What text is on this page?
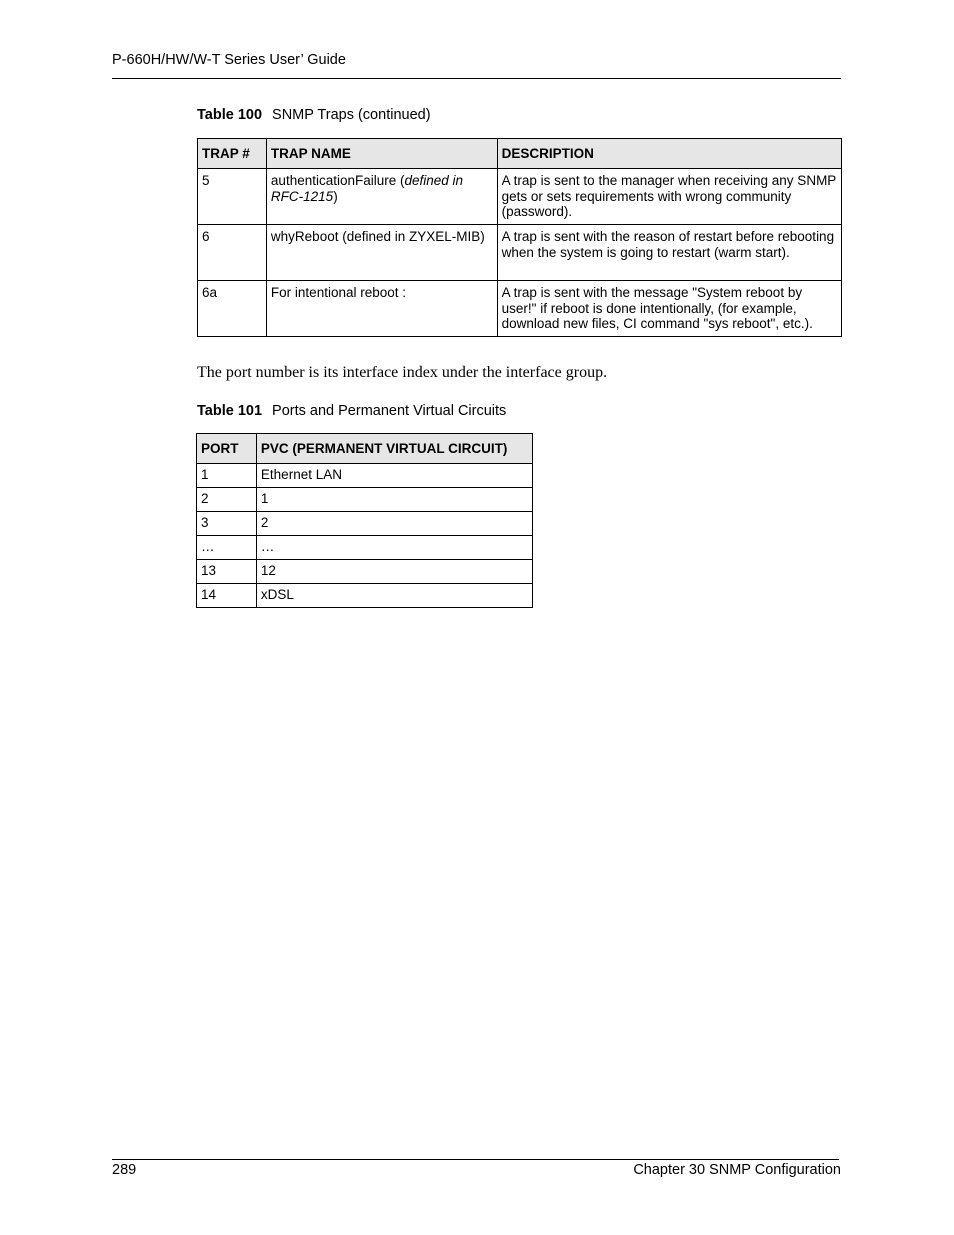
P-660H/HW/W-T Series User’ Guide
Table 100 SNMP Traps (continued)
TRAP #	TRAP NAME	DESCRIPTION
5	authenticationFailure (defined in RFC-1215)	A trap is sent to the manager when receiving any SNMP gets or sets requirements with wrong community (password).
6	whyReboot (defined in ZYXEL-MIB)	A trap is sent with the reason of restart before rebooting when the system is going to restart (warm start).
6a	For intentional reboot :	A trap is sent with the message "System reboot by user!" if reboot is done intentionally, (for example, download new files, CI command "sys reboot", etc.).
The port number is its interface index under the interface group.
Table 101 Ports and Permanent Virtual Circuits
PORT	PVC (PERMANENT VIRTUAL CIRCUIT)
1	Ethernet LAN
2	1
3	2
…	…
13	12
14	xDSL
289	Chapter 30 SNMP Configuration
